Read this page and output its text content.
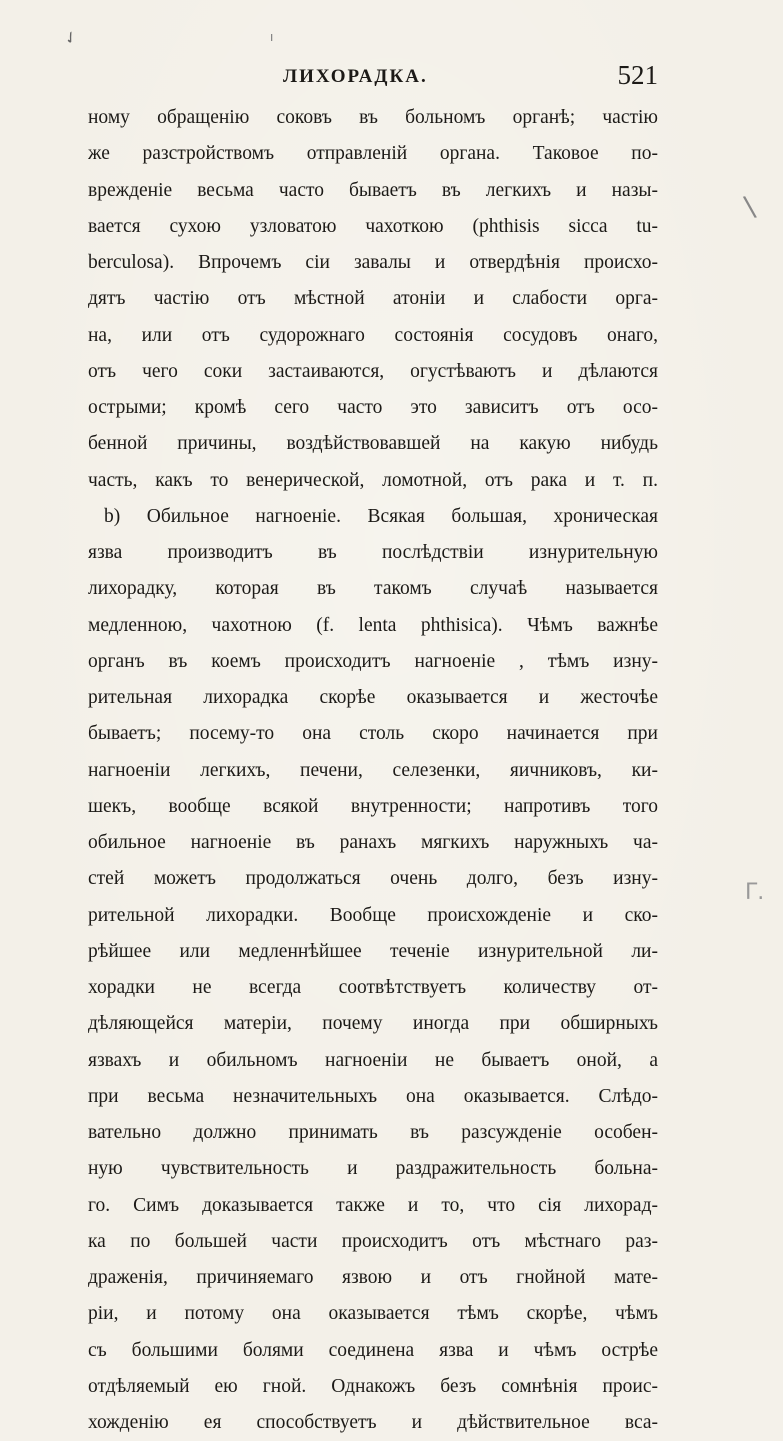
✓	ı
\
Γ.
ЛИХОРАДКА.	521
ному обращенію соковъ въ больномъ органѣ; частію
же разстройствомъ отправленій органа. Таковое по-
врежденіе весьма часто бываетъ въ легкихъ и назы-
вается сухою узловатою чахоткою (phthisis sicca tu-
berculosa). Впрочемъ сіи завалы и отвердѣнія происхо-
дятъ частію отъ мѣстной атоніи и слабости орга-
на, или отъ судорожнаго состоянія сосудовъ онаго,
отъ чего соки застаиваются, огустѣваютъ и дѣлаются
острыми; кромѣ сего часто это зависитъ отъ осо-
бенной причины, воздѣйствовавшей на какую нибудь
часть, какъ то венерической, ломотной, отъ рака и т. п.
b) Обильное нагноеніе. Всякая большая, хроническая
язва производитъ въ послѣдствіи изнурительную
лихорадку, которая въ такомъ случаѣ называется
медленною, чахотною (f. lenta phthisica). Чѣмъ важнѣе
органъ въ коемъ происходитъ нагноеніе , тѣмъ изну-
рительная лихорадка скорѣе оказывается и жесточѣе
бываетъ; посему-то она столь скоро начинается при
нагноеніи легкихъ, печени, селезенки, яичниковъ, ки-
шекъ, вообще всякой внутренности; напротивъ того
обильное нагноеніе въ ранахъ мягкихъ наружныхъ ча-
стей можетъ продолжаться очень долго, безъ изну-
рительной лихорадки. Вообще происхожденіе и ско-
рѣйшее или медленнѣйшее теченіе изнурительной ли-
хорадки не всегда соотвѣтствуетъ количеству от-
дѣляющейся матеріи, почему иногда при обширныхъ
язвахъ и обильномъ нагноеніи не бываетъ оной, а
при весьма незначительныхъ она оказывается. Слѣдо-
вательно должно принимать въ разсужденіе особен-
ную чувствительность и раздражительность больна-
го. Симъ доказывается также и то, что сія лихорад-
ка по большей части происходитъ отъ мѣстнаго раз-
драженія, причиняемаго язвою и отъ гнойной мате-
ріи, и потому она оказывается тѣмъ скорѣе, чѣмъ
съ большими болями соединена язва и чѣмъ острѣе
отдѣляемый ею гной. Однакожъ безъ сомнѣнія проис-
хожденію ея способствуетъ и дѣйствительное вса-
